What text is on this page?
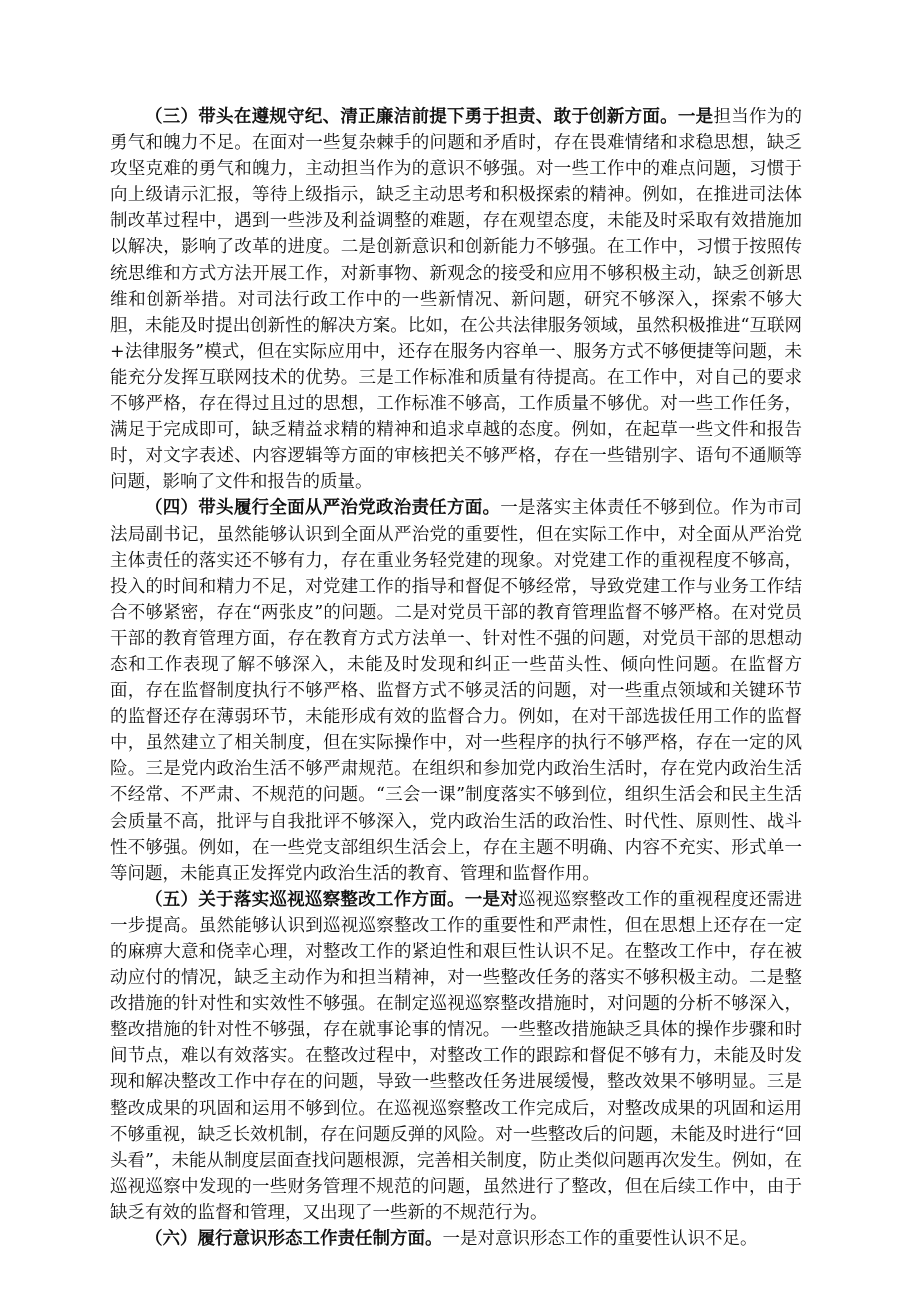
（三）带头在遵规守纪、清正廉洁前提下勇于担责、敢于创新方面。一是担当作为的勇气和魄力不足。在面对一些复杂棘手的问题和矛盾时，存在畏难情绪和求稳思想，缺乏攻坚克难的勇气和魄力，主动担当作为的意识不够强。对一些工作中的难点问题，习惯于向上级请示汇报，等待上级指示，缺乏主动思考和积极探索的精神。例如，在推进司法体制改革过程中，遇到一些涉及利益调整的难题，存在观望态度，未能及时采取有效措施加以解决，影响了改革的进度。二是创新意识和创新能力不够强。在工作中，习惯于按照传统思维和方式方法开展工作，对新事物、新观念的接受和应用不够积极主动，缺乏创新思维和创新举措。对司法行政工作中的一些新情况、新问题，研究不够深入，探索不够大胆，未能及时提出创新性的解决方案。比如，在公共法律服务领域，虽然积极推进“互联网+法律服务”模式，但在实际应用中，还存在服务内容单一、服务方式不够便捷等问题，未能充分发挥互联网技术的优势。三是工作标准和质量有待提高。在工作中，对自己的要求不够严格，存在得过且过的思想，工作标准不够高，工作质量不够优。对一些工作任务，满足于完成即可，缺乏精益求精的精神和追求卓越的态度。例如，在起草一些文件和报告时，对文字表述、内容逻辑等方面的审核把关不够严格，存在一些错别字、语句不通顺等问题，影响了文件和报告的质量。

（四）带头履行全面从严治党政治责任方面。一是落实主体责任不够到位。作为市司法局副书记，虽然能够认识到全面从严治党的重要性，但在实际工作中，对全面从严治党主体责任的落实还不够有力，存在重业务轻党建的现象。对党建工作的重视程度不够高，投入的时间和精力不足，对党建工作的指导和督促不够经常，导致党建工作与业务工作结合不够紧密，存在“两张皮”的问题。二是对党员干部的教育管理监督不够严格。在对党员干部的教育管理方面，存在教育方式方法单一、针对性不强的问题，对党员干部的思想动态和工作表现了解不够深入，未能及时发现和纠正一些苗头性、倾向性问题。在监督方面，存在监督制度执行不够严格、监督方式不够灵活的问题，对一些重点领域和关键环节的监督还存在薄弱环节，未能形成有效的监督合力。例如，在对干部选拔任用工作的监督中，虽然建立了相关制度，但在实际操作中，对一些程序的执行不够严格，存在一定的风险。三是党内政治生活不够严肃规范。在组织和参加党内政治生活时，存在党内政治生活不经常、不严肃、不规范的问题。“三会一课”制度落实不够到位，组织生活会和民主生活会质量不高，批评与自我批评不够深入，党内政治生活的政治性、时代性、原则性、战斗性不够强。例如，在一些党支部组织生活会上，存在主题不明确、内容不充实、形式单一等问题，未能真正发挥党内政治生活的教育、管理和监督作用。

（五）关于落实巡视巡察整改工作方面。一是对巡视巡察整改工作的重视程度还需进一步提高。虽然能够认识到巡视巡察整改工作的重要性和严肃性，但在思想上还存在一定的麻痹大意和侥幸心理，对整改工作的紧迫性和艰巨性认识不足。在整改工作中，存在被动应付的情况，缺乏主动作为和担当精神，对一些整改任务的落实不够积极主动。二是整改措施的针对性和实效性不够强。在制定巡视巡察整改措施时，对问题的分析不够深入，整改措施的针对性不够强，存在就事论事的情况。一些整改措施缺乏具体的操作步骤和时间节点，难以有效落实。在整改过程中，对整改工作的跟踪和督促不够有力，未能及时发现和解决整改工作中存在的问题，导致一些整改任务进展缓慢，整改效果不够明显。三是整改成果的巩固和运用不够到位。在巡视巡察整改工作完成后，对整改成果的巩固和运用不够重视，缺乏长效机制，存在问题反弹的风险。对一些整改后的问题，未能及时进行“回头看”，未能从制度层面查找问题根源，完善相关制度，防止类似问题再次发生。例如，在巡视巡察中发现的一些财务管理不规范的问题，虽然进行了整改，但在后续工作中，由于缺乏有效的监督和管理，又出现了一些新的不规范行为。

（六）履行意识形态工作责任制方面。一是对意识形态工作的重要性认识不足。
